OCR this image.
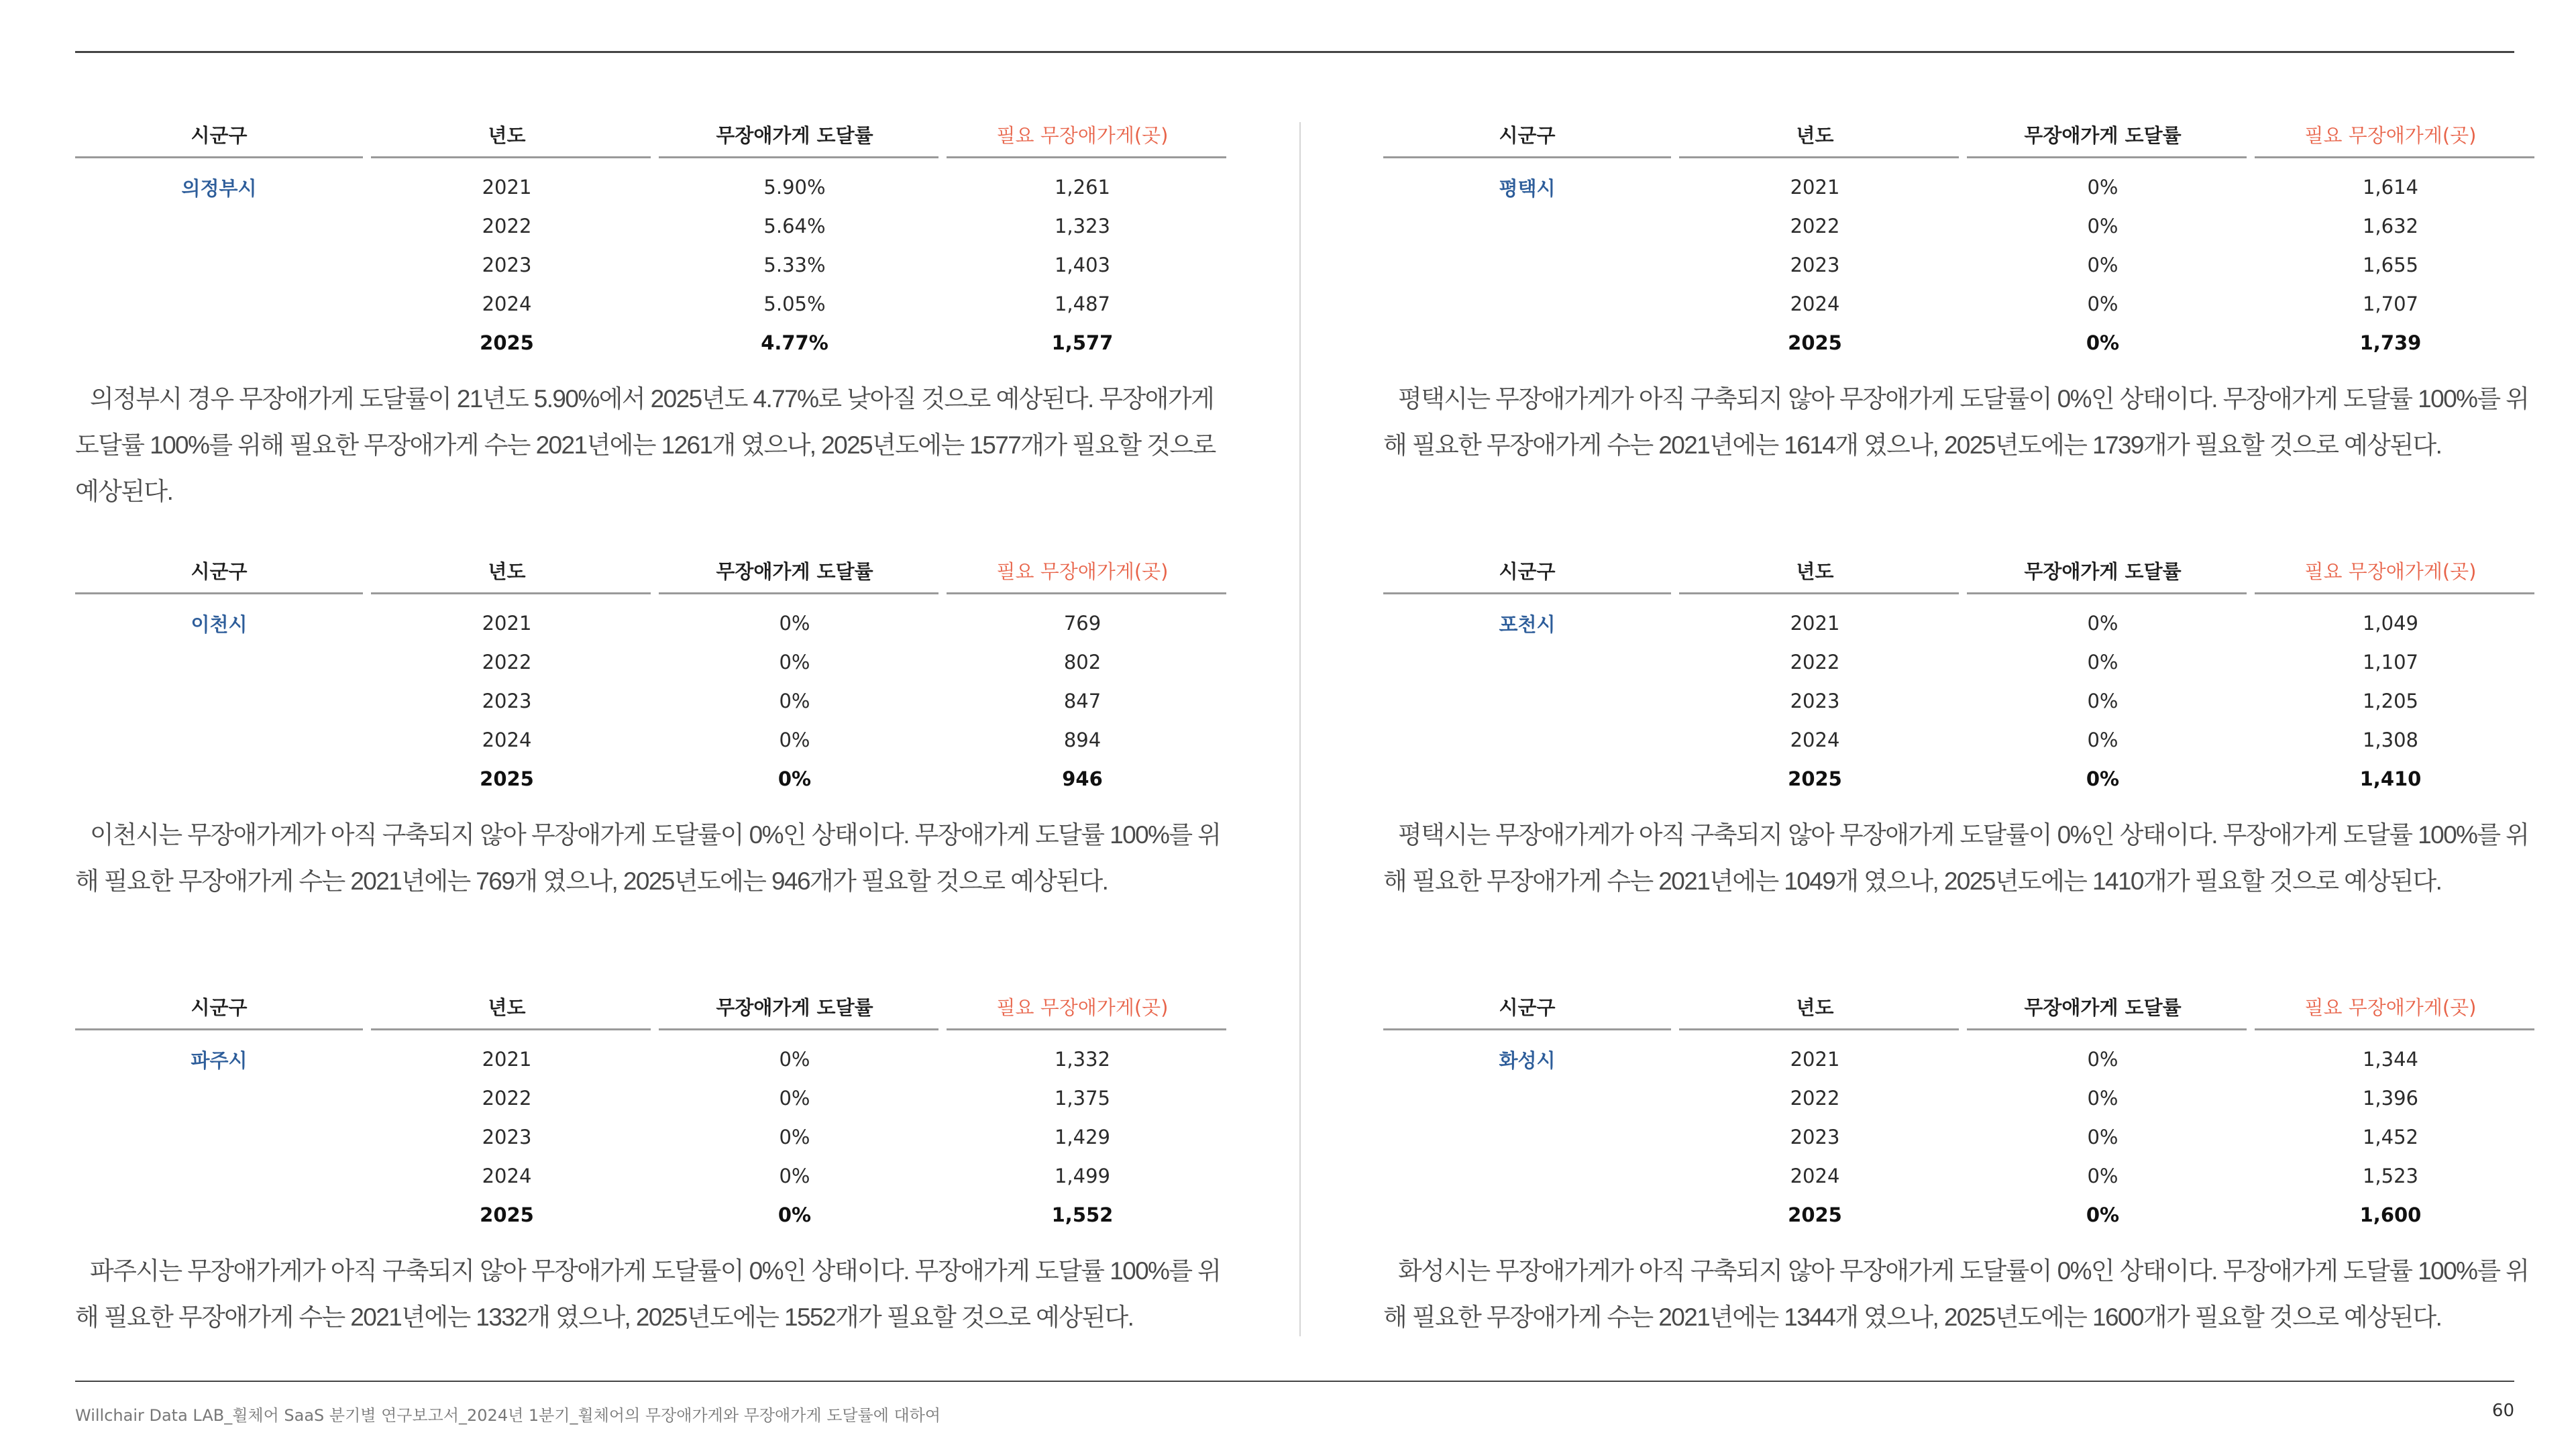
시군구	년도	무장애가게 도달률	필요 무장애가게(곳)
의정부시	2021	5.90%	1,261
	2022	5.64%	1,323
	2023	5.33%	1,403
	2024	5.05%	1,487
	2025	4.77%	1,577
의정부시 경우 무장애가게 도달률이 21년도 5.90%에서 2025년도 4.77%로 낮아질 것으로 예상된다. 무장애가게 도달률 100%를 위해 필요한 무장애가게 수는 2021년에는 1261개 였으나, 2025년도에는 1577개가 필요할 것으로 예상된다.
시군구	년도	무장애가게 도달률	필요 무장애가게(곳)
평택시	2021	0%	1,614
	2022	0%	1,632
	2023	0%	1,655
	2024	0%	1,707
	2025	0%	1,739
평택시는 무장애가게가 아직 구축되지 않아 무장애가게 도달률이 0%인 상태이다. 무장애가게 도달률 100%를 위해 필요한 무장애가게 수는 2021년에는 1614개 였으나, 2025년도에는 1739개가 필요할 것으로 예상된다.
시군구	년도	무장애가게 도달률	필요 무장애가게(곳)
이천시	2021	0%	769
	2022	0%	802
	2023	0%	847
	2024	0%	894
	2025	0%	946
이천시는 무장애가게가 아직 구축되지 않아 무장애가게 도달률이 0%인 상태이다. 무장애가게 도달률 100%를 위해 필요한 무장애가게 수는 2021년에는 769개 였으나, 2025년도에는 946개가 필요할 것으로 예상된다.
시군구	년도	무장애가게 도달률	필요 무장애가게(곳)
포천시	2021	0%	1,049
	2022	0%	1,107
	2023	0%	1,205
	2024	0%	1,308
	2025	0%	1,410
평택시는 무장애가게가 아직 구축되지 않아 무장애가게 도달률이 0%인 상태이다. 무장애가게 도달률 100%를 위해 필요한 무장애가게 수는 2021년에는 1049개 였으나, 2025년도에는 1410개가 필요할 것으로 예상된다.
시군구	년도	무장애가게 도달률	필요 무장애가게(곳)
파주시	2021	0%	1,332
	2022	0%	1,375
	2023	0%	1,429
	2024	0%	1,499
	2025	0%	1,552
파주시는 무장애가게가 아직 구축되지 않아 무장애가게 도달률이 0%인 상태이다. 무장애가게 도달률 100%를 위해 필요한 무장애가게 수는 2021년에는 1332개 였으나, 2025년도에는 1552개가 필요할 것으로 예상된다.
시군구	년도	무장애가게 도달률	필요 무장애가게(곳)
화성시	2021	0%	1,344
	2022	0%	1,396
	2023	0%	1,452
	2024	0%	1,523
	2025	0%	1,600
화성시는 무장애가게가 아직 구축되지 않아 무장애가게 도달률이 0%인 상태이다. 무장애가게 도달률 100%를 위해 필요한 무장애가게 수는 2021년에는 1344개 였으나, 2025년도에는 1600개가 필요할 것으로 예상된다.
Willchair Data LAB_휠체어 SaaS 분기별 연구보고서_2024년 1분기_휠체어의 무장애가게와 무장애가게 도달률에 대하여	60
